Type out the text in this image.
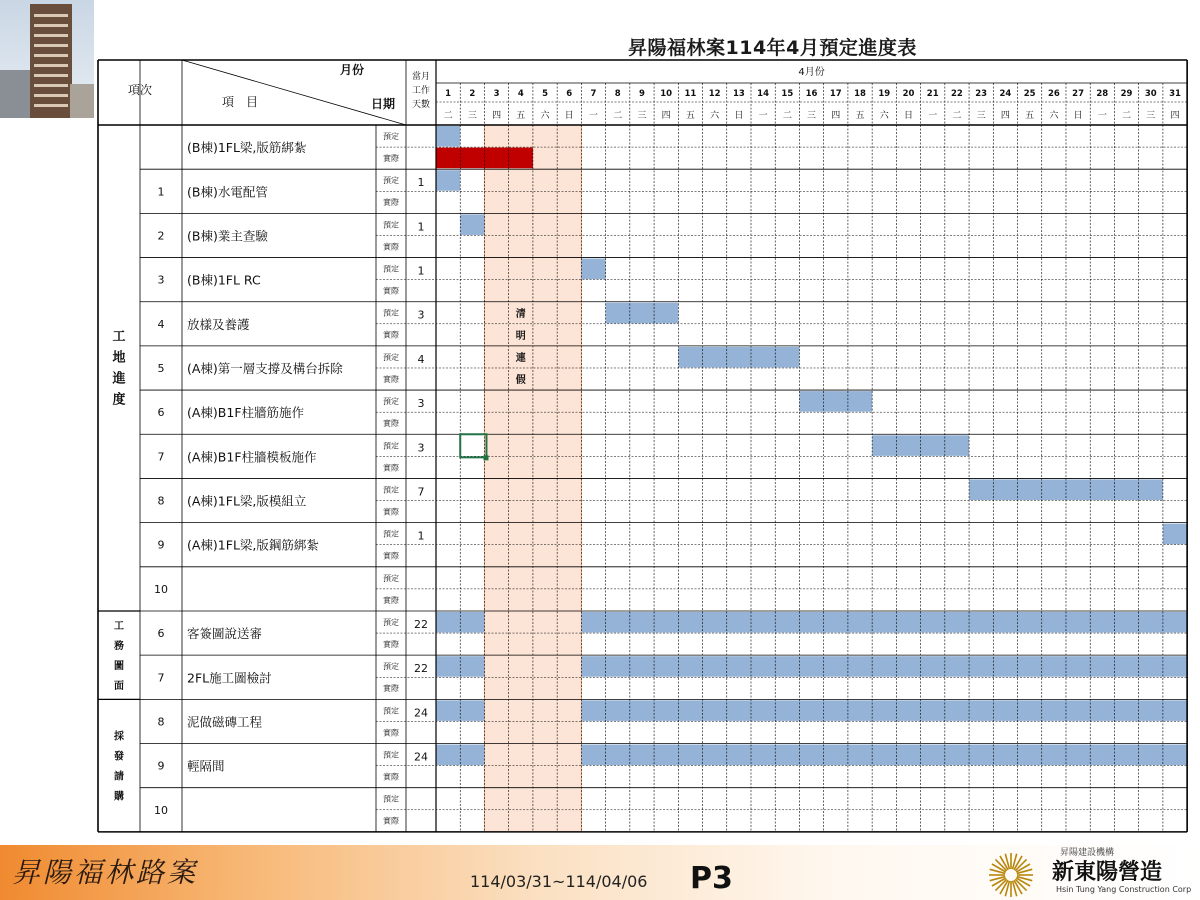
昇陽福林案114年4月預定進度表
月份
項次
項　目	日期
當月
工作
天數
4月份
1 2 3 4 5 6 7 8 9 10 11 12 13 14 15 16 17 18 19 20 21 22 23 24 25 26 27 28 29 30 31
二 三 四 五 六 日 一 二 三 四 五 六 日 一 二 三 四 五 六 日 一 二 三 四 五 六 日 一 二 三 四
工
地
進
度
工
務
圖
面
採
發
請
購
(B棟)1FL梁,版筋綁紮
預定
實際
1 (B棟)水電配管
預定
實際
1
2 (B棟)業主查驗
預定
實際
1
3 (B棟)1FL RC
預定
實際
1
4 放樣及養護
預定
實際
3
5 (A棟)第一層支撐及構台拆除
預定
實際
4
6 (A棟)B1F柱牆筋施作
預定
實際
3
7 (A棟)B1F柱牆模板施作
預定
實際
3
8 (A棟)1FL梁,版模組立
預定
實際
7
9 (A棟)1FL梁,版鋼筋綁紮
預定
實際
1
10
預定
實際
6 客簽圖說送審
預定
實際
22
7 2FL施工圖檢討
預定
實際
22
8 泥做磁磚工程
預定
實際
24
9 輕隔間
預定
實際
24
10
預定
實際
清
明
連
假
昇陽福林路案	114/03/31~114/04/06 P3
昇陽建設機構
新東陽營造
Hsin Tung Yang Construction Corp
